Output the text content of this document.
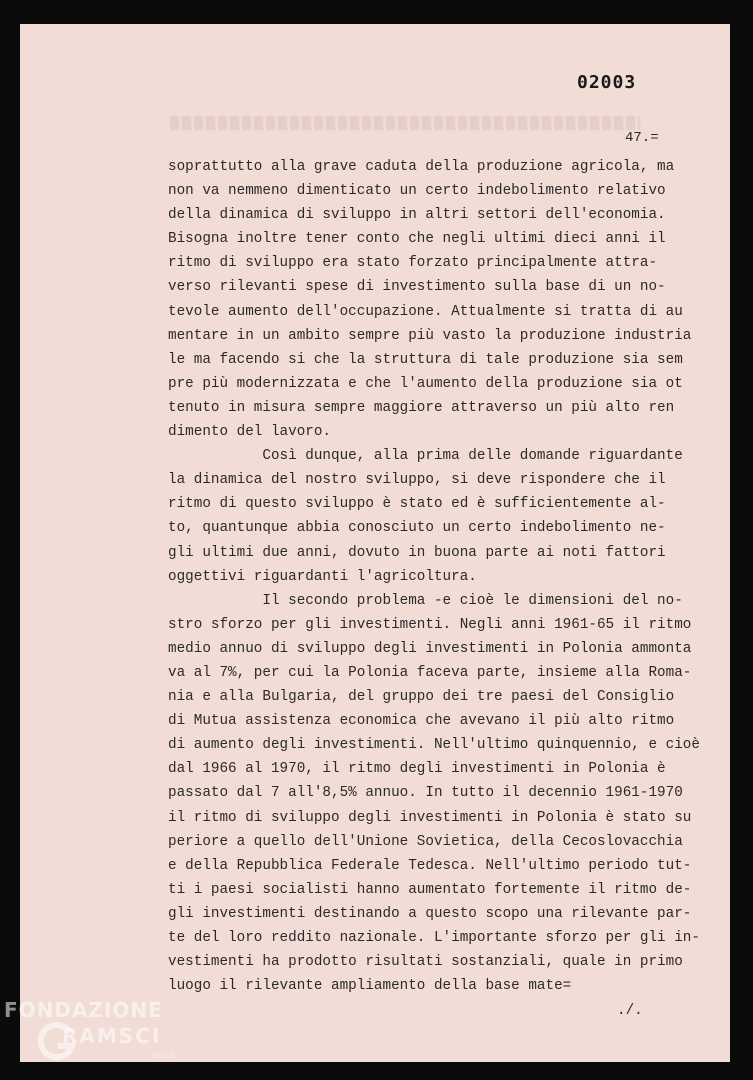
02003
47.=
soprattutto alla grave caduta della produzione agricola, ma
non va nemmeno dimenticato un certo indebolimento relativo
della dinamica di sviluppo in altri settori dell'economia.
Bisogna inoltre tener conto che negli ultimi dieci anni il
ritmo di sviluppo era stato forzato principalmente attra-
verso rilevanti spese di investimento sulla base di un no-
tevole aumento dell'occupazione. Attualmente si tratta di au
mentare in un ambito sempre più vasto la produzione industria
le ma facendo si che la struttura di tale produzione sia sem
pre più modernizzata e che l'aumento della produzione sia ot
tenuto in misura sempre maggiore attraverso un più alto ren
dimento del lavoro.
Così dunque, alla prima delle domande riguardante
la dinamica del nostro sviluppo, si deve rispondere che il
ritmo di questo sviluppo è stato ed è sufficientemente al-
to, quantunque abbia conosciuto un certo indebolimento ne-
gli ultimi due anni, dovuto in buona parte ai noti fattori
oggettivi riguardanti l'agricoltura.
Il secondo problema -e cioè le dimensioni del no-
stro sforzo per gli investimenti. Negli anni 1961-65 il ritmo
medio annuo di sviluppo degli investimenti in Polonia ammonta
va al 7%, per cui la Polonia faceva parte, insieme alla Roma-
nia e alla Bulgaria, del gruppo dei tre paesi del Consiglio
di Mutua assistenza economica che avevano il più alto ritmo
di aumento degli investimenti. Nell'ultimo quinquennio, e cioè
dal 1966 al 1970, il ritmo degli investimenti in Polonia è
passato dal 7 all'8,5% annuo. In tutto il decennio 1961-1970
il ritmo di sviluppo degli investimenti in Polonia è stato su
periore a quello dell'Unione Sovietica, della Cecoslovacchia
e della Repubblica Federale Tedesca. Nell'ultimo periodo tut-
ti i paesi socialisti hanno aumentato fortemente il ritmo de-
gli investimenti destinando a questo scopo una rilevante par-
te del loro reddito nazionale. L'importante sforzo per gli in-
vestimenti ha prodotto risultati sostanziali, quale in primo
luogo il rilevante ampliamento della base mate=
./.
FONDAZIONE
RAMSCI
onlus
